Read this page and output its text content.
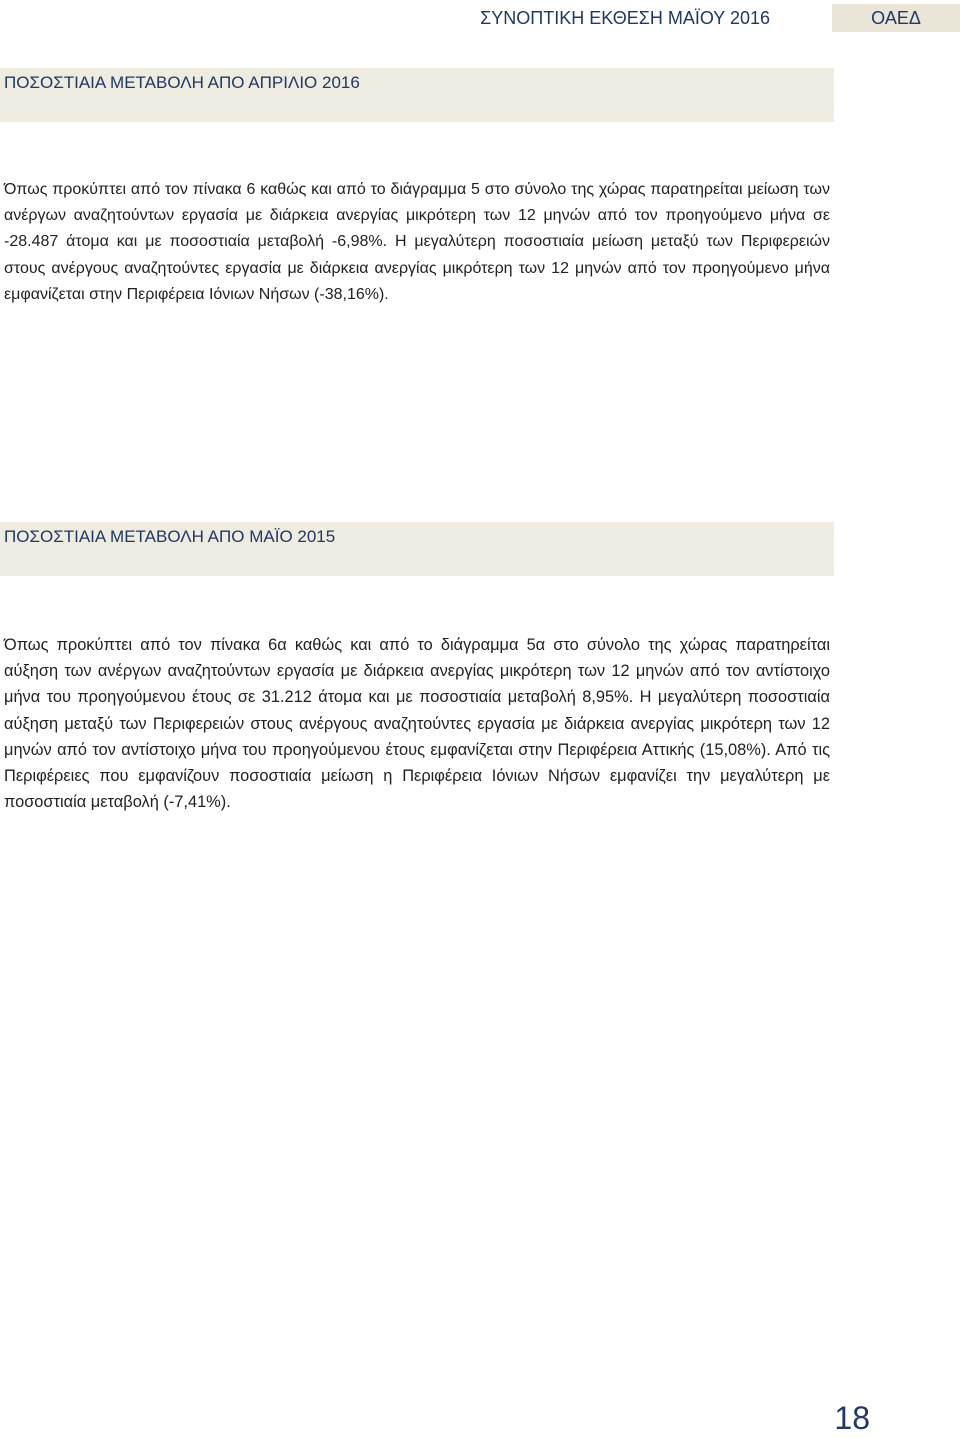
ΣΥΝΟΠΤΙΚΗ ΕΚΘΕΣΗ ΜΑΪΟΥ 2016	ΟΑΕΔ
ΠΟΣΟΣΤΙΑΙΑ ΜΕΤΑΒΟΛΗ ΑΠΟ ΑΠΡΙΛΙΟ 2016

Όπως προκύπτει από τον πίνακα 6 καθώς και από το διάγραμμα 5 στο σύνολο της χώρας παρατηρείται μείωση των ανέργων αναζητούντων εργασία με διάρκεια ανεργίας μικρότερη των 12 μηνών από τον προηγούμενο μήνα σε -28.487 άτομα και με ποσοστιαία μεταβολή -6,98%. Η μεγαλύτερη ποσοστιαία μείωση μεταξύ των Περιφερειών στους ανέργους αναζητούντες εργασία με διάρκεια ανεργίας μικρότερη των 12 μηνών από τον προηγούμενο μήνα εμφανίζεται στην Περιφέρεια Ιόνιων Νήσων (-38,16%).

ΠΟΣΟΣΤΙΑΙΑ ΜΕΤΑΒΟΛΗ ΑΠΟ ΜΑΪΟ 2015

Όπως προκύπτει από τον πίνακα 6α καθώς και από το διάγραμμα 5α στο σύνολο της χώρας παρατηρείται αύξηση των ανέργων αναζητούντων εργασία με διάρκεια ανεργίας μικρότερη των 12 μηνών από τον αντίστοιχο μήνα του προηγούμενου έτους σε 31.212 άτομα και με ποσοστιαία μεταβολή 8,95%. Η μεγαλύτερη ποσοστιαία αύξηση μεταξύ των Περιφερειών στους ανέργους αναζητούντες εργασία με διάρκεια ανεργίας μικρότερη των 12 μηνών από τον αντίστοιχο μήνα του προηγούμενου έτους εμφανίζεται στην Περιφέρεια Αττικής (15,08%). Από τις Περιφέρειες που εμφανίζουν ποσοστιαία μείωση η Περιφέρεια Ιόνιων Νήσων εμφανίζει την μεγαλύτερη με ποσοστιαία μεταβολή (-7,41%).

18
